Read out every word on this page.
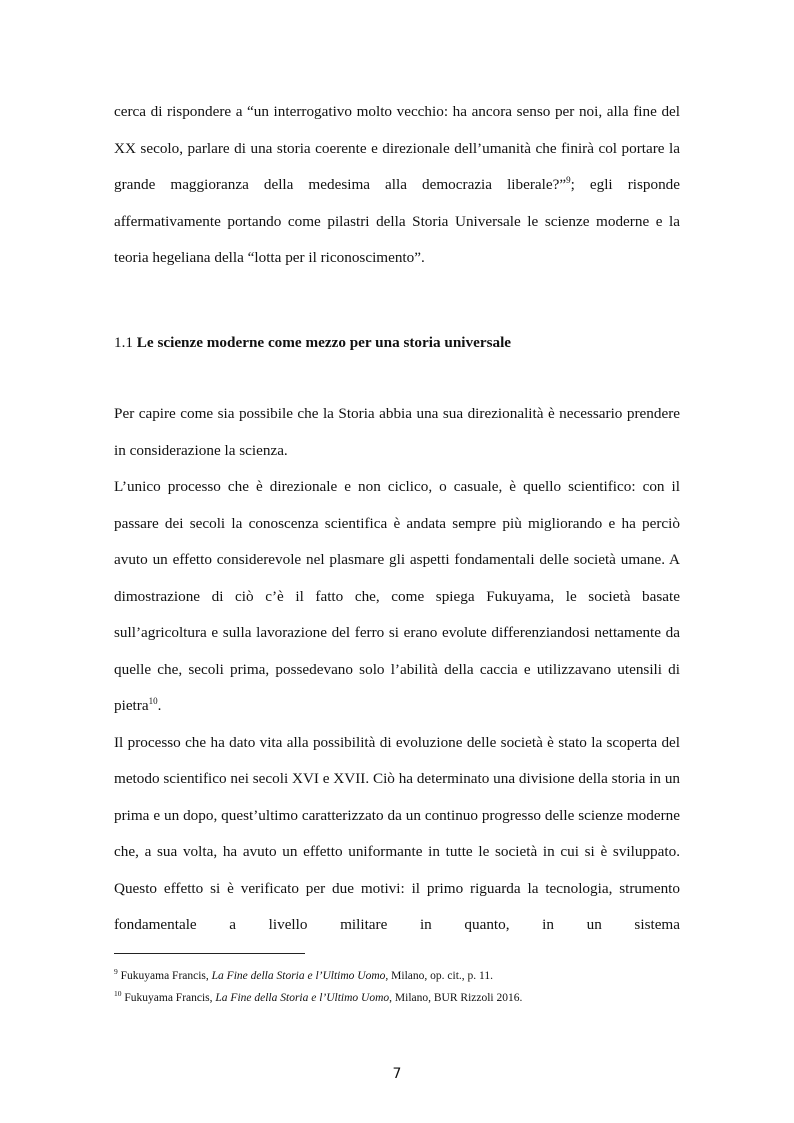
cerca di rispondere a “un interrogativo molto vecchio: ha ancora senso per noi, alla fine del XX secolo, parlare di una storia coerente e direzionale dell’umanità che finirà col portare la grande maggioranza della medesima alla democrazia liberale?”$^9$; egli risponde affermativamente portando come pilastri della Storia Universale le scienze moderne e la teoria hegeliana della “lotta per il riconoscimento”.

1.1 Le scienze moderne come mezzo per una storia universale

Per capire come sia possibile che la Storia abbia una sua direzionalità è necessario prendere in considerazione la scienza.

L’unico processo che è direzionale e non ciclico, o casuale, è quello scientifico: con il passare dei secoli la conoscenza scientifica è andata sempre più migliorando e ha perciò avuto un effetto considerevole nel plasmare gli aspetti fondamentali delle società umane. A dimostrazione di ciò c’è il fatto che, come spiega Fukuyama, le società basate sull’agricoltura e sulla lavorazione del ferro si erano evolute differenziandosi nettamente da quelle che, secoli prima, possedevano solo l’abilità della caccia e utilizzavano utensili di pietra$^{10}$.

Il processo che ha dato vita alla possibilità di evoluzione delle società è stato la scoperta del metodo scientifico nei secoli XVI e XVII. Ciò ha determinato una divisione della storia in un prima e un dopo, quest’ultimo caratterizzato da un continuo progresso delle scienze moderne che, a sua volta, ha avuto un effetto uniformante in tutte le società in cui si è sviluppato. Questo effetto si è verificato per due motivi: il primo riguarda la tecnologia, strumento fondamentale a livello militare in quanto, in un sistema

$^9$ Fukuyama Francis, La Fine della Storia e l’Ultimo Uomo, Milano, op. cit., p. 11.

$^{10}$ Fukuyama Francis, La Fine della Storia e l’Ultimo Uomo, Milano, BUR Rizzoli 2016.

7
